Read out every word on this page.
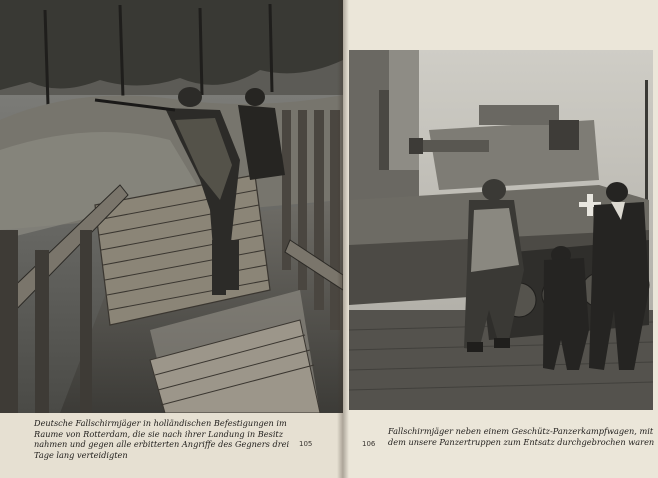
Deutsche Fallschirmjäger in holländischen Befestigungen im Raume von Rotterdam, die sie nach ihrer Landung in Besitz nahmen und gegen alle erbitterten Angriffe des Gegners drei Tage lang verteidigten
105
Fallschirmjäger neben einem Geschütz-Panzerkampfwagen, mit dem unsere Panzertruppen zum Entsatz durchgebrochen waren
106
